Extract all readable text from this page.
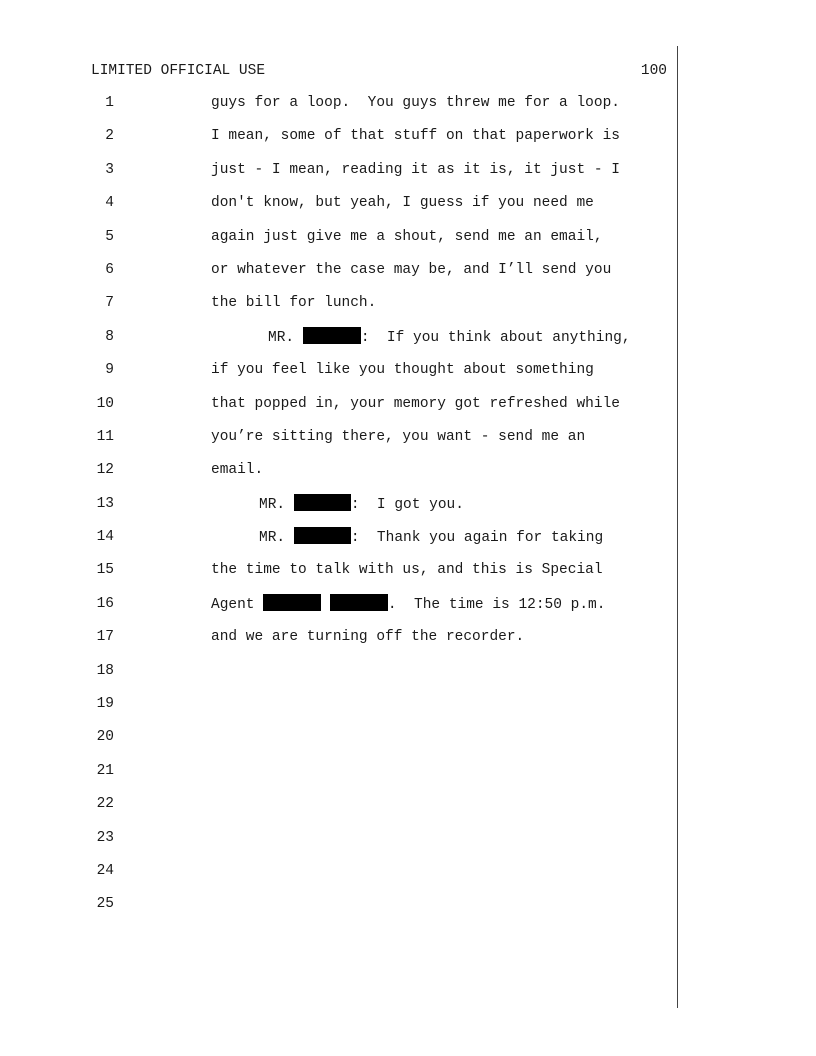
LIMITED OFFICIAL USE	100
1	guys for a loop.  You guys threw me for a loop.
2	I mean, some of that stuff on that paperwork is
3	just - I mean, reading it as it is, it just - I
4	don't know, but yeah, I guess if you need me
5	again just give me a shout, send me an email,
6	or whatever the case may be, and I’ll send you
7	the bill for lunch.
8	MR.	:  If you think about anything,
9	if you feel like you thought about something
10	that popped in, your memory got refreshed while
11	you’re sitting there, you want - send me an
12	email.
13	MR.	:  I got you.
14	MR.	:  Thank you again for taking
15	the time to talk with us, and this is Special
16	Agent	.  The time is 12:50 p.m.
17	and we are turning off the recorder.
18
19
20
21
22
23
24
25
